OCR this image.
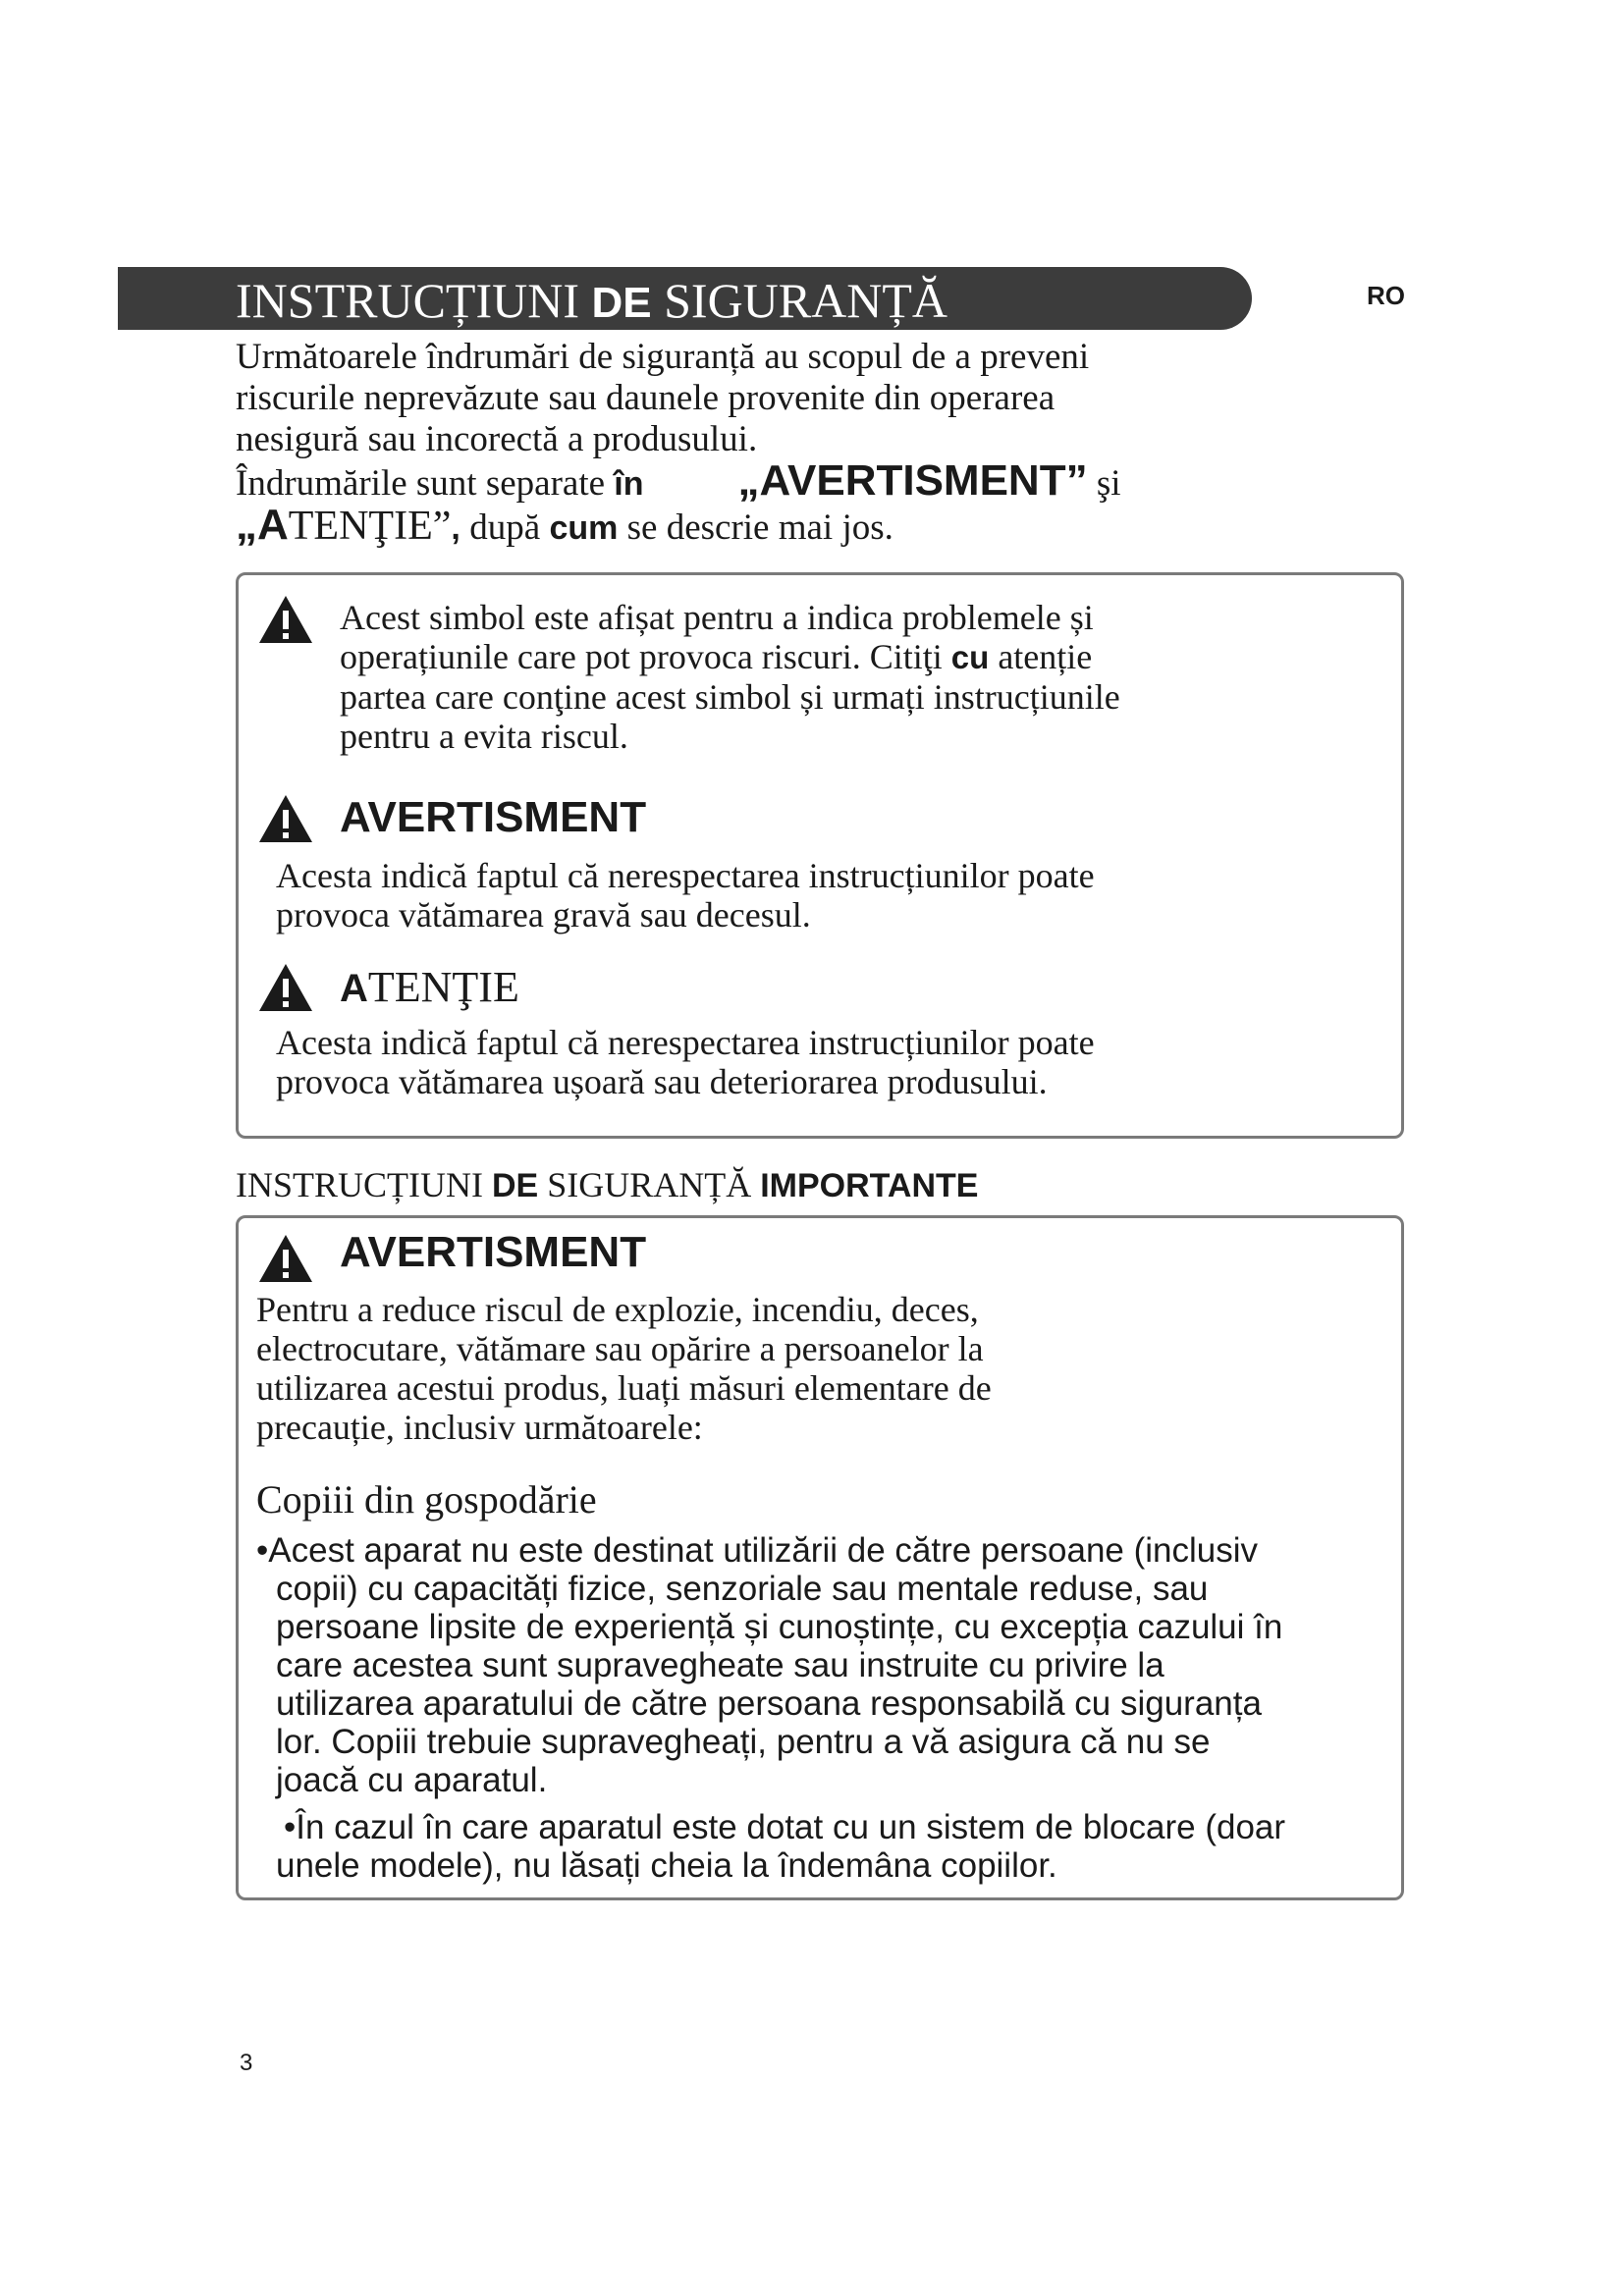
INSTRUCȚIUNI DE SIGURANȚĂ	RO
Următoarele îndrumări de siguranță au scopul de a preveni
riscurile neprevăzute sau daunele provenite din operarea
nesigură sau incorectă a produsului.
Îndrumările sunt separate în „AVERTISMENT” şi
„ATENŢIE”, după cum se descrie mai jos.
Acest simbol este afișat pentru a indica problemele și
operațiunile care pot provoca riscuri. Citiţi cu atenție
partea care conţine acest simbol și urmați instrucțiunile
pentru a evita riscul.
AVERTISMENT
Acesta indică faptul că nerespectarea instrucțiunilor poate
provoca vătămarea gravă sau decesul.
ATENŢIE
Acesta indică faptul că nerespectarea instrucțiunilor poate
provoca vătămarea ușoară sau deteriorarea produsului.
INSTRUCȚIUNI DE SIGURANȚĂ IMPORTANTE
AVERTISMENT
Pentru a reduce riscul de explozie, incendiu, deces,
electrocutare, vătămare sau opărire a persoanelor la
utilizarea acestui produs, luați măsuri elementare de
precauție, inclusiv următoarele:
Copiii din gospodărie
•Acest aparat nu este destinat utilizării de către persoane (inclusiv
copii) cu capacități fizice, senzoriale sau mentale reduse, sau
persoane lipsite de experiență și cunoștințe, cu excepția cazului în
care acestea sunt supravegheate sau instruite cu privire la
utilizarea aparatului de către persoana responsabilă cu siguranța
lor. Copiii trebuie supravegheați, pentru a vă asigura că nu se
joacă cu aparatul.
•În cazul în care aparatul este dotat cu un sistem de blocare (doar
unele modele), nu lăsați cheia la îndemâna copiilor.
3
